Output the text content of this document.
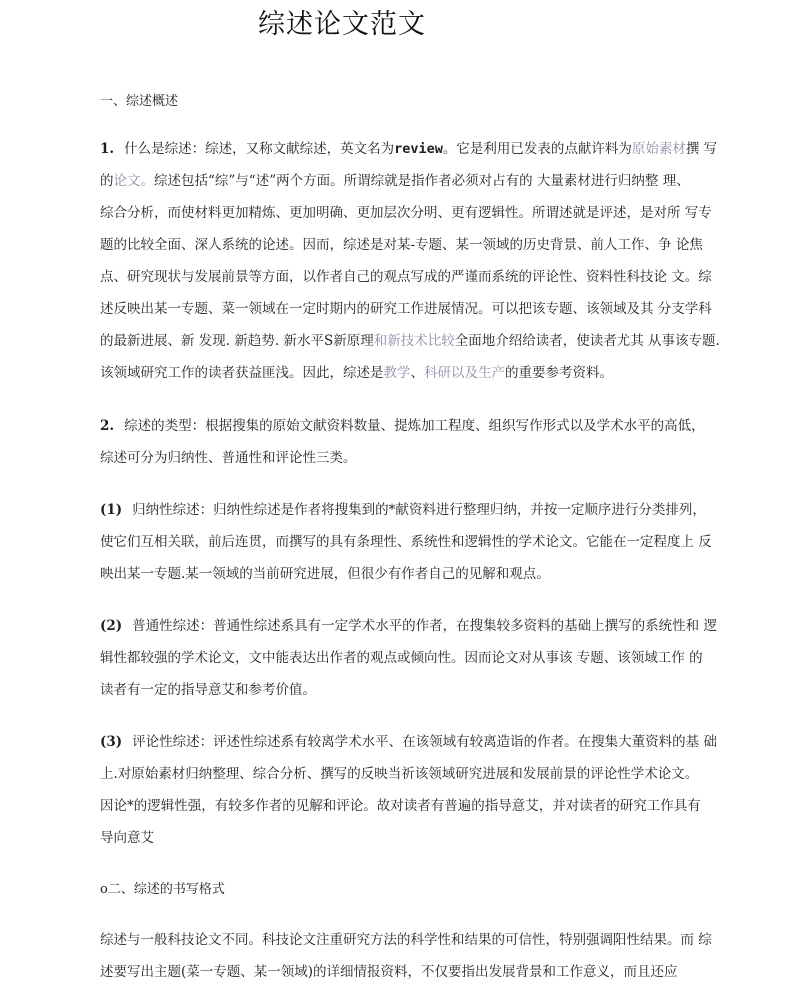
综述论文范文
一、综述概述
1. 什么是综述：综述，又称文献综述，英文名为review。它是利用已发表的点献许料为原始素材撰 写
的论文。综述包括“综”与“述”两个方面。所谓综就是指作者必须对占有的 大量素材进行归纳整 理、
综合分析，而使材料更加精炼、更加明确、更加层次分明、更有逻辑性。所谓述就是评述，是对所 写专
题的比较全面、深人系统的论述。因而，综述是对某-专题、某一领域的历史背景、前人工作、争 论焦
点、研究现状与发展前景等方面，以作者自己的观点写成的严谨而系统的评论性、资料性科技论 文。综
述反映出某一专题、菜一领域在一定时期内的研究工作进展情况。可以把该专题、该领域及其 分支学科
的最新进展、新 发现. 新趋势. 新水平S新原理和新技术比较全面地介绍给读者，使读者尤其 从事该专题.
该领域研究工作的读者获益匪浅。因此，综述是教学、科研以及生产的重要参考资料。
2. 综述的类型：根据搜集的原始文献资料数量、提炼加工程度、组织写作形式以及学术水平的高低，
综述可分为归纳性、普通性和评论性三类。
(1) 归纳性综述：归纳性综述是作者将搜集到的*献资料进行整理归纳，并按一定顺序进行分类排列，
使它们互相关联，前后连贯，而撰写的具有条理性、系统性和逻辑性的学术论文。它能在一定程度上 反
映出某一专题.某一领域的当前研究进展，但很少有作者自己的见解和观点。
(2) 普通性综述：普通性综述系具有一定学术水平的作者，在搜集较多资料的基础上撰写的系统性和 逻
辑性都较强的学术论文，文中能表达出作者的观点或倾向性。因而论文对从事该 专题、该领域工作 的
读者有一定的指导意艾和参考价值。
(3) 评论性综述：评述性综述系有较离学术水平、在该领域有较离造诣的作者。在搜集大董资料的基 础
上.对原始素材归纳整理、综合分析、撰写的反映当祈该领域研究进展和发展前景的评论性学术论文。
因论*的逻辑性强，有较多作者的见解和评论。故对读者有普遍的指导意艾，并对读者的研究工作具有
导向意艾
o二、综述的书写格式
综述与一般科技论文不同。科技论文注重研究方法的科学性和结果的可信性，特别强调阳性结果。而 综
述要写出主题(菜一专题、某一领域)的详细情报资料，不仅要指出发展背景和工作意义，而且还应
